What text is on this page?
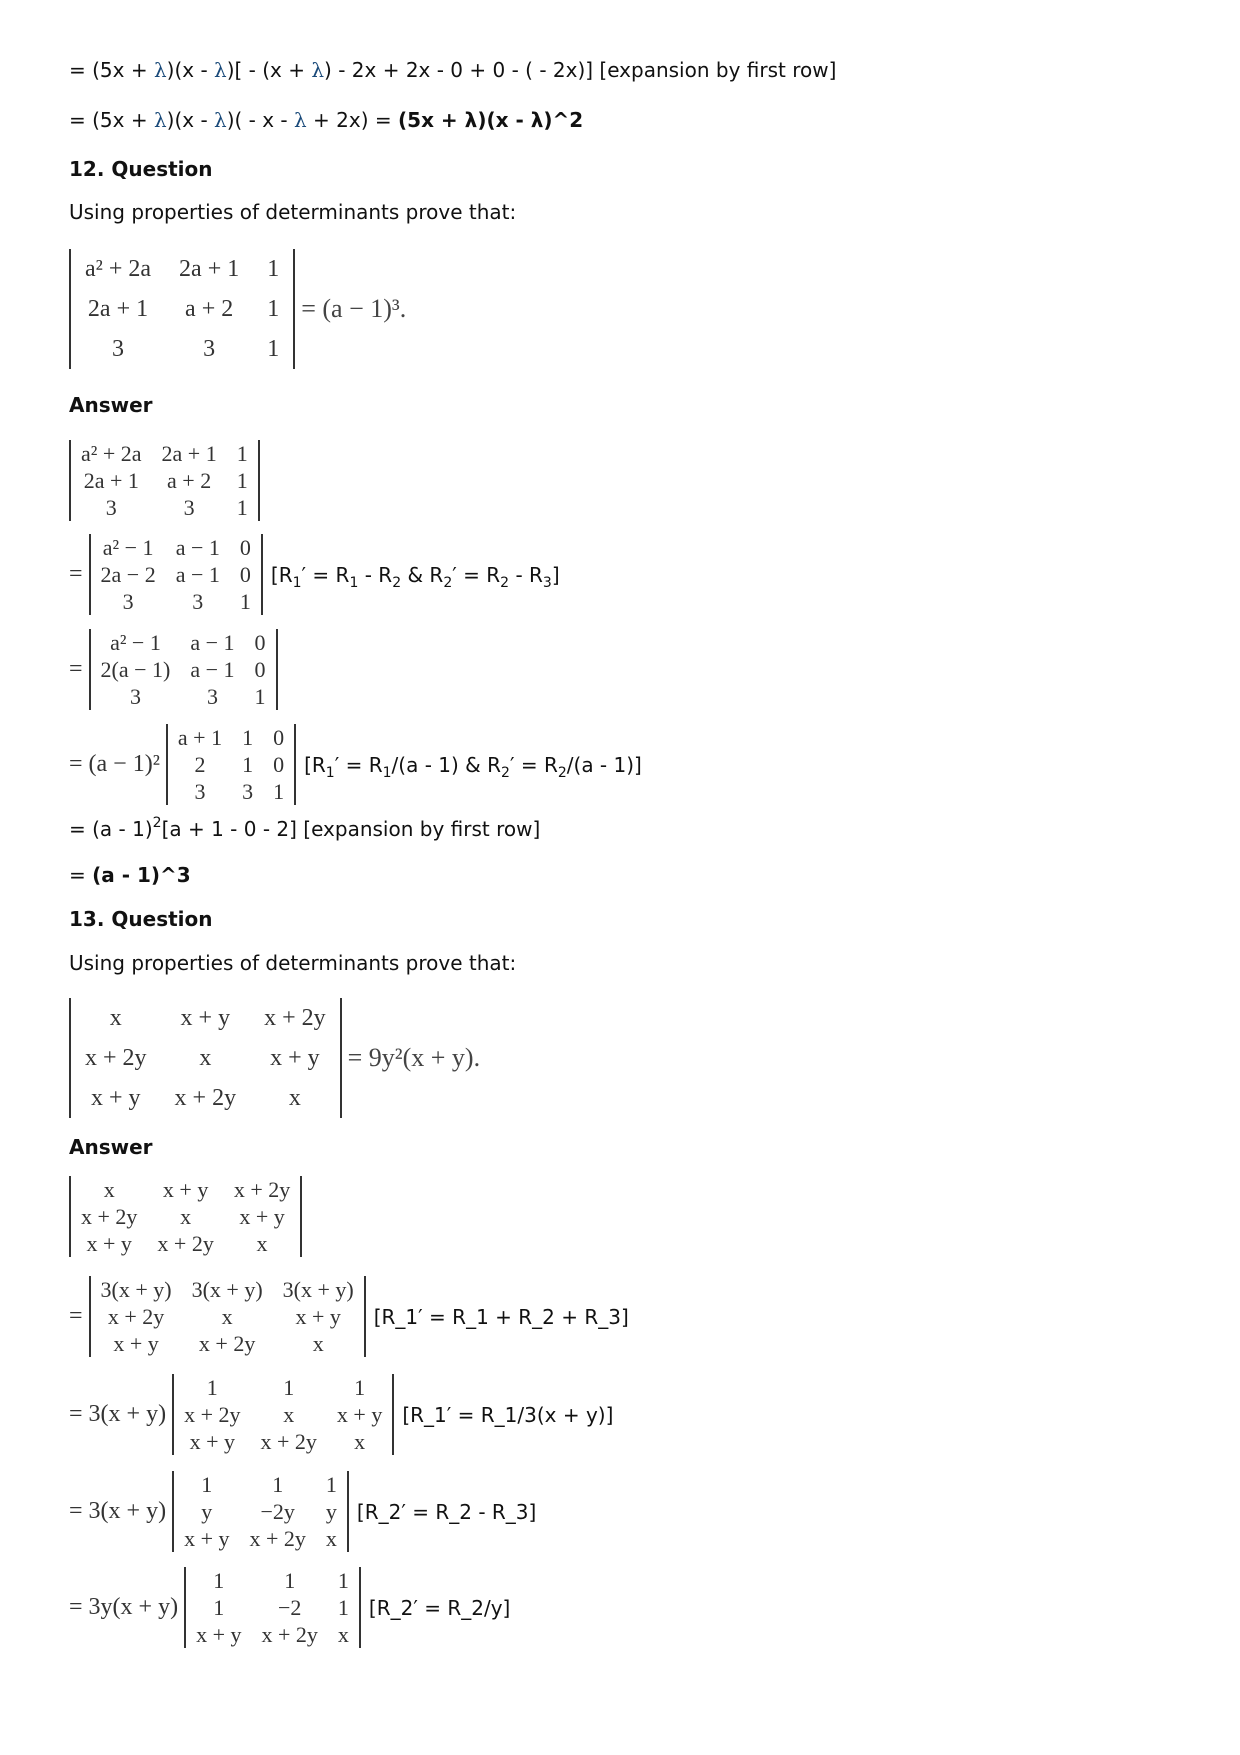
= (5x + λ)(x - λ)[ - (x + λ) - 2x + 2x - 0 + 0 - ( - 2x)] [expansion by first row]
= (5x + λ)(x - λ)( - x - λ + 2x) = (5x + λ)(x - λ)^2
12. Question
Using properties of determinants prove that:
a² + 2a	2a + 1	1
2a + 1	a + 2	1
3	3	1
= (a − 1)³.
Answer
a² + 2a	2a + 1	1
2a + 1	a + 2	1
3	3	1
=
a² − 1	a − 1	0
2a − 2	a − 1	0
3	3	1
[$R_1' = R_1 - R_2$ & $R_2' = R_2 - R_3$]
=
a² − 1	a − 1	0
2(a − 1)	a − 1	0
3	3	1
= (a − 1)²
a + 1	1	0
2	1	0
3	3	1
[$R_1' = R_1/(a - 1)$ & $R_2' = R_2/(a - 1)$]
= (a - 1)$^2$[a + 1 - 0 - 2] [expansion by first row]
= (a - 1)^3
13. Question
Using properties of determinants prove that:
x	x + y	x + 2y
x + 2y	x	x + y
x + y	x + 2y	x
= 9y²(x + y).
Answer
x	x + y	x + 2y
x + 2y	x	x + y
x + y	x + 2y	x
=
3(x + y)	3(x + y)	3(x + y)
x + 2y	x	x + y
x + y	x + 2y	x
[R_1′ = R_1 + R_2 + R_3]
= 3(x + y)
1	1	1
x + 2y	x	x + y
x + y	x + 2y	x
[R_1′ = R_1/3(x + y)]
= 3(x + y)
1	1	1
y	−2y	y
x + y	x + 2y	x
[R_2′ = R_2 - R_3]
= 3y(x + y)
1	1	1
1	−2	1
x + y	x + 2y	x
[R_2′ = R_2/y]
